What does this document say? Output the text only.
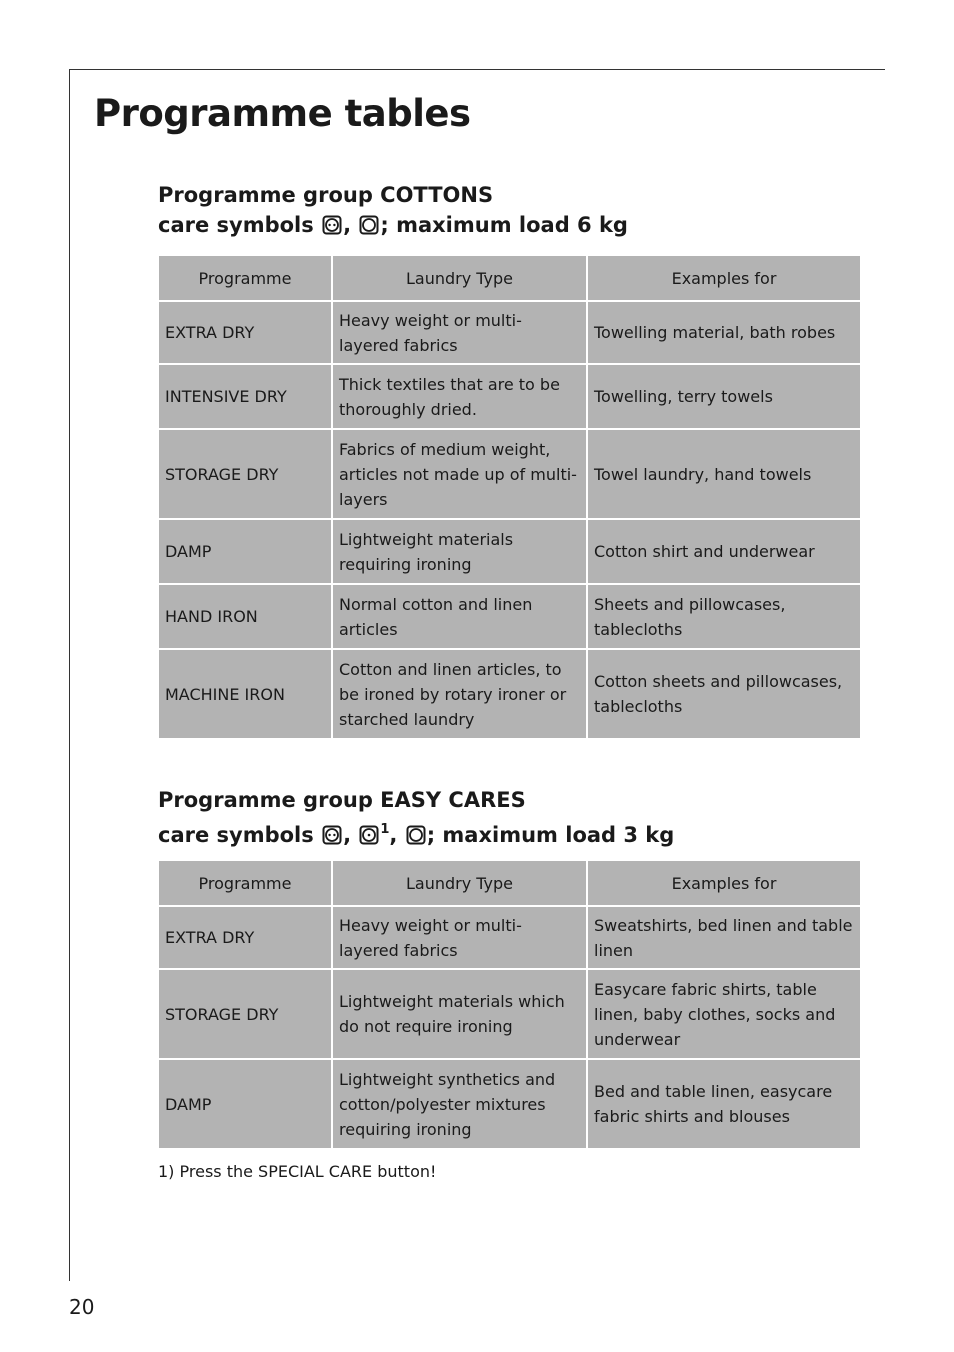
Programme tables
Programme group COTTONS
care symbols , ; maximum load 6 kg
Programme	Laundry Type	Examples for
EXTRA DRY	Heavy weight or multi-layered fabrics	Towelling material, bath robes
INTENSIVE DRY	Thick textiles that are to be thoroughly dried.	Towelling, terry towels
STORAGE DRY	Fabrics of medium weight, articles not made up of multi-layers	Towel laundry, hand towels
DAMP	Lightweight materials requiring ironing	Cotton shirt and underwear
HAND IRON	Normal cotton and linen articles	Sheets and pillowcases, tablecloths
MACHINE IRON	Cotton and linen articles, to be ironed by rotary ironer or starched laundry	Cotton sheets and pillowcases, tablecloths
Programme group EASY CARES
care symbols , $^1$, ; maximum load 3 kg
Programme	Laundry Type	Examples for
EXTRA DRY	Heavy weight or multi-layered fabrics	Sweatshirts, bed linen and table linen
STORAGE DRY	Lightweight materials which do not require ironing	Easycare fabric shirts, table linen, baby clothes, socks and underwear
DAMP	Lightweight synthetics and cotton/polyester mixtures requiring ironing	Bed and table linen, easycare fabric shirts and blouses
1) Press the SPECIAL CARE button!
20
